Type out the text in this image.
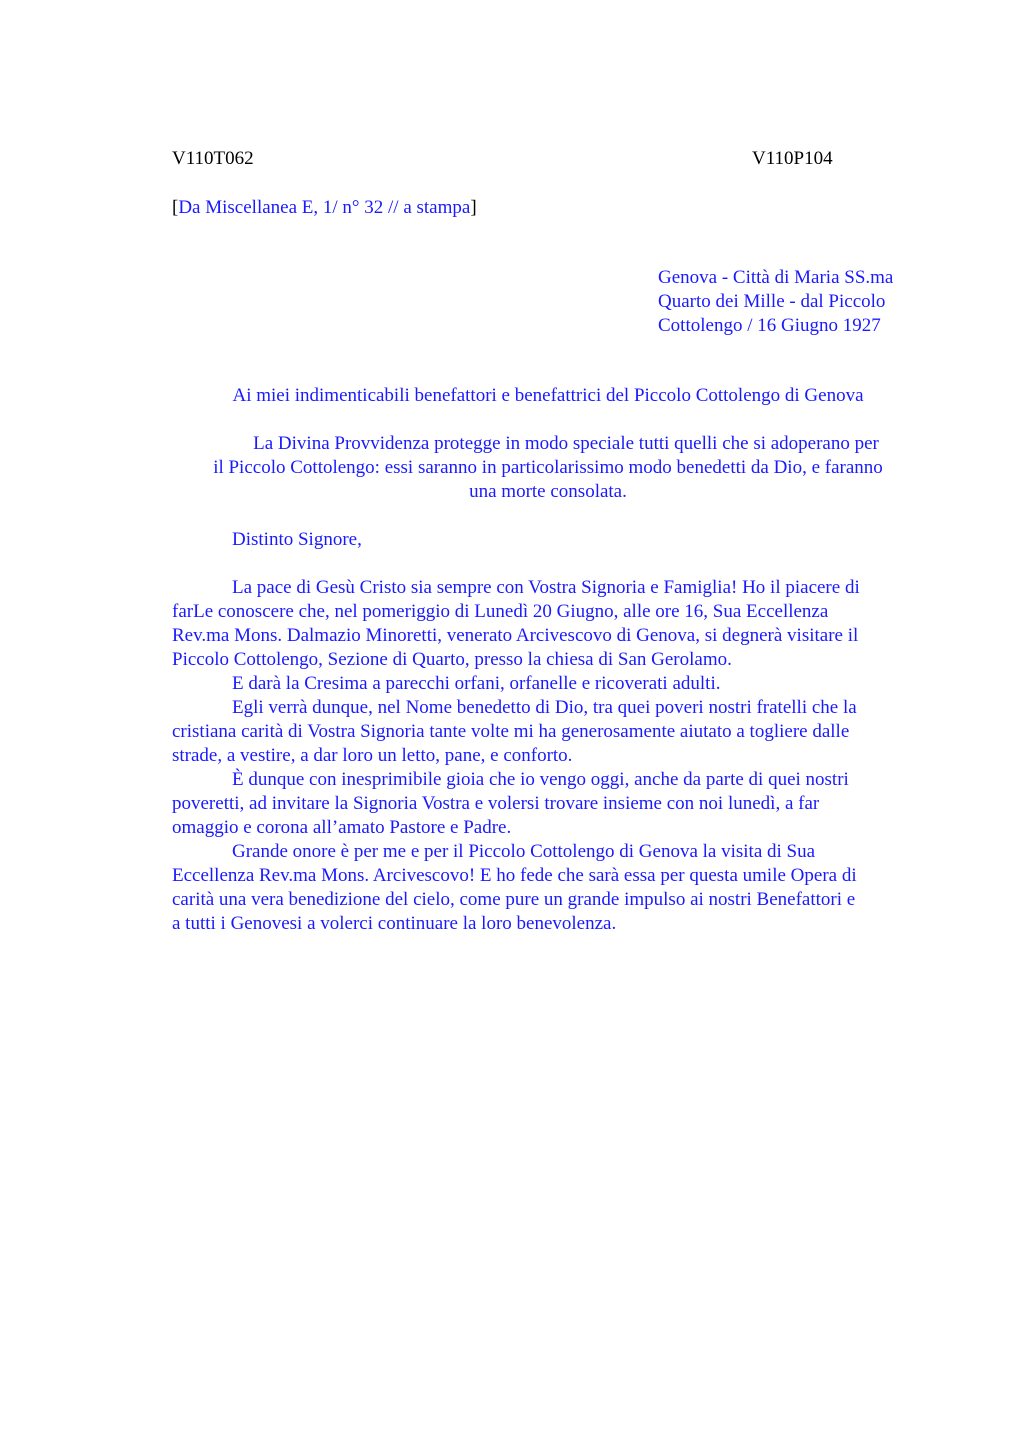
V110T062	V110P104
[Da Miscellanea E, 1/ n° 32 // a stampa]
Genova - Città di Maria SS.ma
Quarto dei Mille - dal Piccolo
Cottolengo / 16 Giugno 1927
Ai miei indimenticabili benefattori e benefattrici del Piccolo Cottolengo di Genova
La Divina Provvidenza protegge in modo speciale tutti quelli che si adoperano per
il Piccolo Cottolengo: essi saranno in particolarissimo modo benedetti da Dio, e faranno
una morte consolata.
Distinto Signore,
La pace di Gesù Cristo sia sempre con Vostra Signoria e Famiglia! Ho il piacere di
farLe conoscere che, nel pomeriggio di Lunedì 20 Giugno, alle ore 16, Sua Eccellenza
Rev.ma Mons. Dalmazio Minoretti, venerato Arcivescovo di Genova, si degnerà visitare il
Piccolo Cottolengo, Sezione di Quarto, presso la chiesa di San Gerolamo.
E darà la Cresima a parecchi orfani, orfanelle e ricoverati adulti.
Egli verrà dunque, nel Nome benedetto di Dio, tra quei poveri nostri fratelli che la
cristiana carità di Vostra Signoria tante volte mi ha generosamente aiutato a togliere dalle
strade, a vestire, a dar loro un letto, pane, e conforto.
È dunque con inesprimibile gioia che io vengo oggi, anche da parte di quei nostri
poveretti, ad invitare la Signoria Vostra e volersi trovare insieme con noi lunedì, a far
omaggio e corona all’amato Pastore e Padre.
Grande onore è per me e per il Piccolo Cottolengo di Genova la visita di Sua
Eccellenza Rev.ma Mons. Arcivescovo! E ho fede che sarà essa per questa umile Opera di
carità una vera benedizione del cielo, come pure un grande impulso ai nostri Benefattori e
a tutti i Genovesi a volerci continuare la loro benevolenza.
